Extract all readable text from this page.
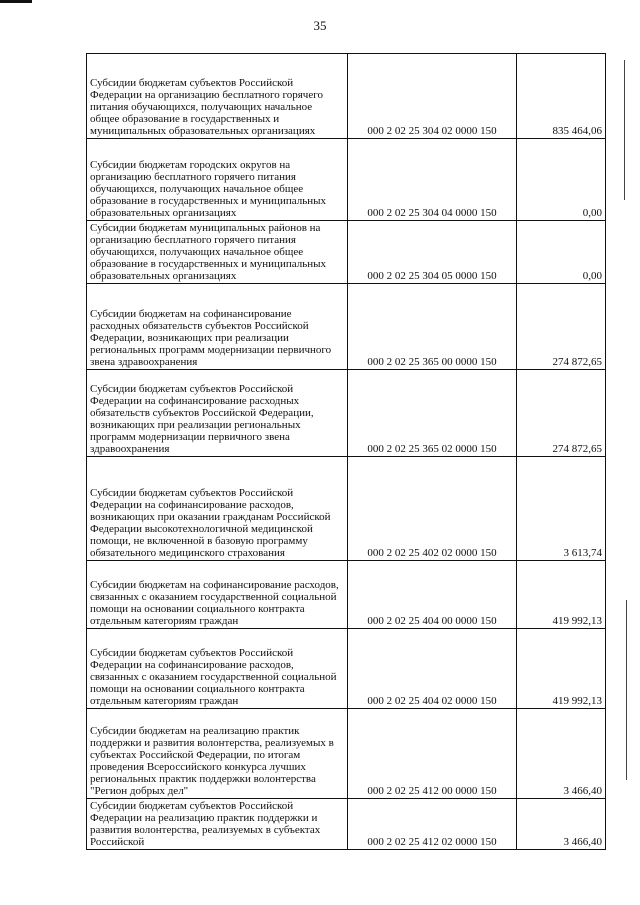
35
Субсидии бюджетам субъектов Российской Федерации на организацию бесплатного горячего питания обучающихся, получающих начальное общее образование в государственных и муниципальных образовательных организациях	000 2 02 25 304 02 0000 150	835 464,06
Субсидии бюджетам городских округов на организацию бесплатного горячего питания обучающихся, получающих начальное общее образование в государственных и муниципальных образовательных организациях	000 2 02 25 304 04 0000 150	0,00
Субсидии бюджетам муниципальных районов на организацию бесплатного горячего питания обучающихся, получающих начальное общее образование в государственных и муниципальных образовательных организациях	000 2 02 25 304 05 0000 150	0,00
Субсидии бюджетам на софинансирование расходных обязательств субъектов Российской Федерации, возникающих при реализации региональных программ модернизации первичного звена здравоохранения	000 2 02 25 365 00 0000 150	274 872,65
Субсидии бюджетам субъектов Российской Федерации на софинансирование расходных обязательств субъектов Российской Федерации, возникающих при реализации региональных программ модернизации первичного звена здравоохранения	000 2 02 25 365 02 0000 150	274 872,65
Субсидии бюджетам субъектов Российской Федерации на софинансирование расходов, возникающих при оказании гражданам Российской Федерации высокотехнологичной медицинской помощи, не включенной в базовую программу обязательного медицинского страхования	000 2 02 25 402 02 0000 150	3 613,74
Субсидии бюджетам на софинансирование расходов, связанных с оказанием государственной социальной помощи на основании социального контракта отдельным категориям граждан	000 2 02 25 404 00 0000 150	419 992,13
Субсидии бюджетам субъектов Российской Федерации на софинансирование расходов, связанных с оказанием государственной социальной помощи на основании социального контракта отдельным категориям граждан	000 2 02 25 404 02 0000 150	419 992,13
Субсидии бюджетам на реализацию практик поддержки и развития волонтерства, реализуемых в субъектах Российской Федерации, по итогам проведения Всероссийского конкурса лучших региональных практик поддержки волонтерства "Регион добрых дел"	000 2 02 25 412 00 0000 150	3 466,40
Субсидии бюджетам субъектов Российской Федерации на реализацию практик поддержки и развития волонтерства, реализуемых в субъектах Российской	000 2 02 25 412 02 0000 150	3 466,40
